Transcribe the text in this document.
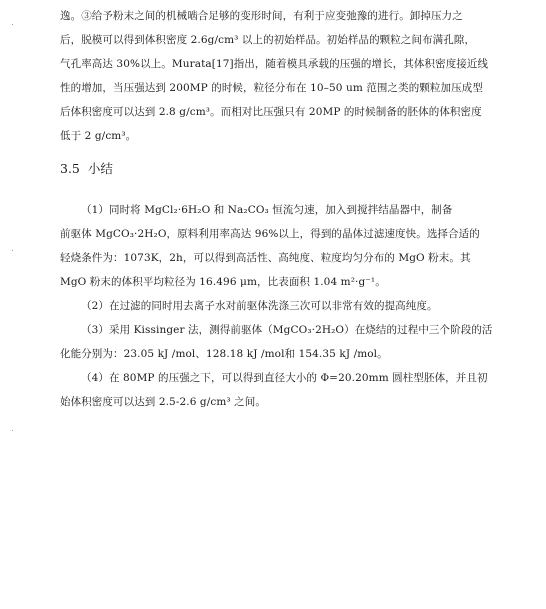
逸。③给予粉末之间的机械啮合足够的变形时间，有利于应变弛豫的进行。卸掉压力之
后，脱模可以得到体积密度 2.6g/cm³ 以上的初始样品。初始样品的颗粒之间布满孔隙，
气孔率高达 30%以上。Murata[17]指出，随着模具承载的压强的增长，其体积密度接近线
性的增加，当压强达到 200MP 的时候，粒径分布在 10–50 um 范围之类的颗粒加压成型
后体积密度可以达到 2.8 g/cm³。而相对比压强只有 20MP 的时候制备的胚体的体积密度
低于 2 g/cm³。
3.5 小结
（1）同时将 MgCl₂·6H₂O 和 Na₂CO₃ 恒流匀速，加入到搅拌结晶器中，制备
前驱体 MgCO₃·2H₂O，原料利用率高达 96%以上，得到的晶体过滤速度快。选择合适的
轻烧条件为：1073K，2h，可以得到高活性、高纯度、粒度均匀分布的 MgO 粉末。其
MgO 粉末的体积平均粒径为 16.496 μm，比表面积 1.04 m²·g⁻¹。
（2）在过滤的同时用去离子水对前驱体洗涤三次可以非常有效的提高纯度。
（3）采用 Kissinger 法，测得前驱体（MgCO₃·2H₂O）在烧结的过程中三个阶段的活
化能分别为：23.05 kJ /mol、128.18 kJ /mol和 154.35 kJ /mol。
（4）在 80MP 的压强之下，可以得到直径大小的 Φ=20.20mm 圆柱型胚体，并且初
始体积密度可以达到 2.5-2.6 g/cm³ 之间。
